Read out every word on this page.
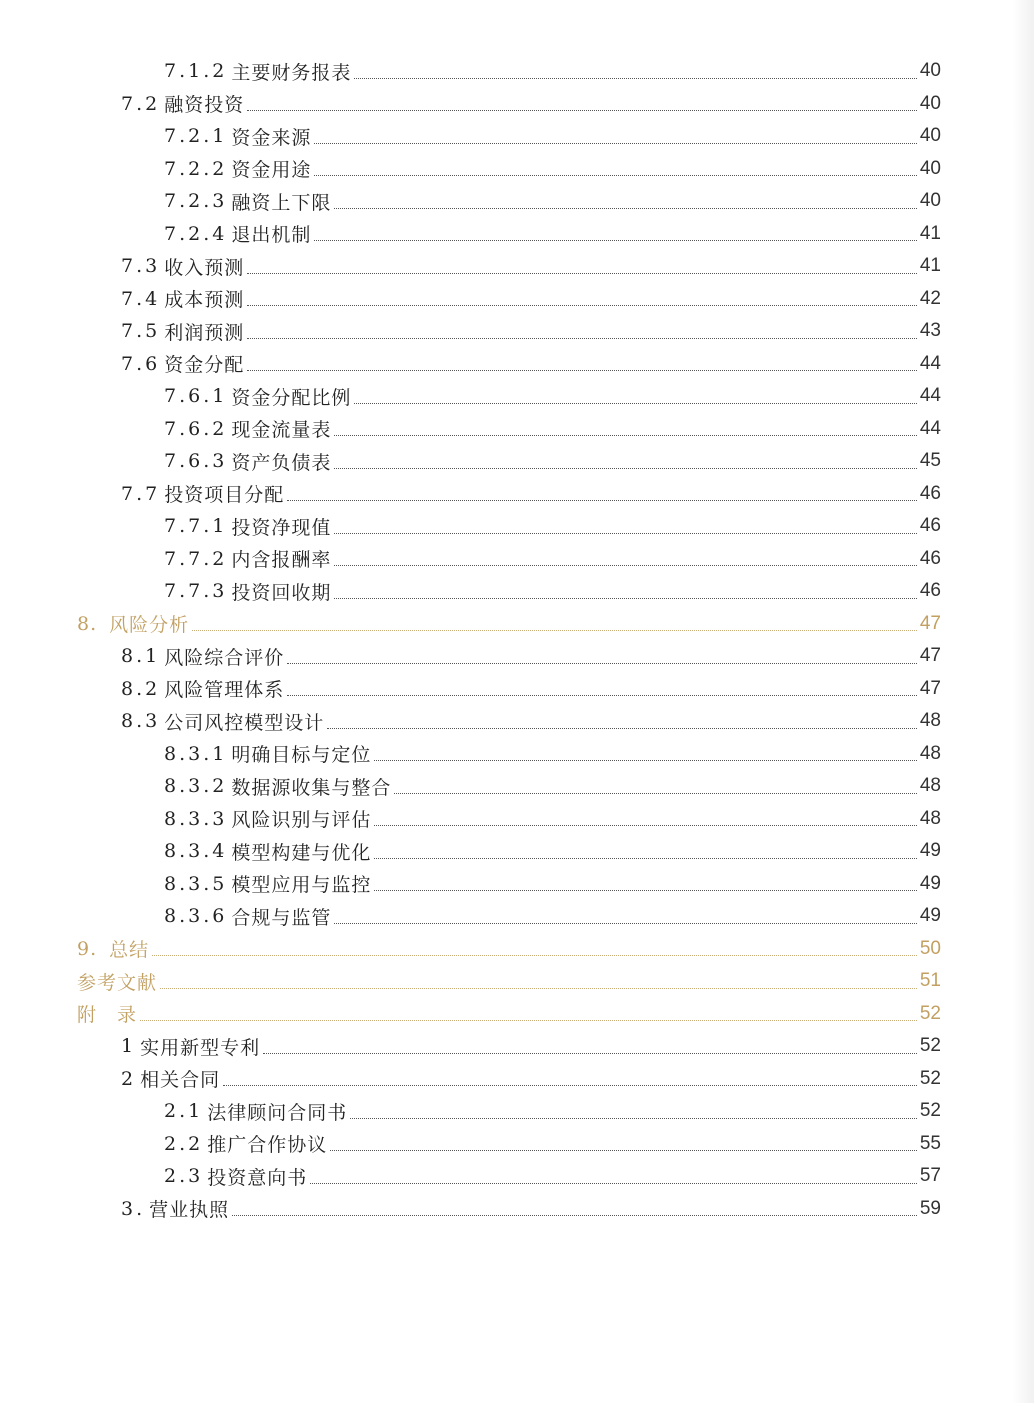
7.1.2 主要财务报表	40
7.2 融资投资	40
7.2.1 资金来源	40
7.2.2 资金用途	40
7.2.3 融资上下限	40
7.2.4 退出机制	41
7.3 收入预测	41
7.4 成本预测	42
7.5 利润预测	43
7.6 资金分配	44
7.6.1 资金分配比例	44
7.6.2 现金流量表	44
7.6.3 资产负债表	45
7.7 投资项目分配	46
7.7.1 投资净现值	46
7.7.2 内含报酬率	46
7.7.3 投资回收期	46
8. 风险分析	47
8.1 风险综合评价	47
8.2 风险管理体系	47
8.3 公司风控模型设计	48
8.3.1 明确目标与定位	48
8.3.2 数据源收集与整合	48
8.3.3 风险识别与评估	48
8.3.4 模型构建与优化	49
8.3.5 模型应用与监控	49
8.3.6 合规与监管	49
9. 总结	50
参考文献	51
附　录	52
1 实用新型专利	52
2 相关合同	52
2.1 法律顾问合同书	52
2.2 推广合作协议	55
2.3 投资意向书	57
3. 营业执照	59
